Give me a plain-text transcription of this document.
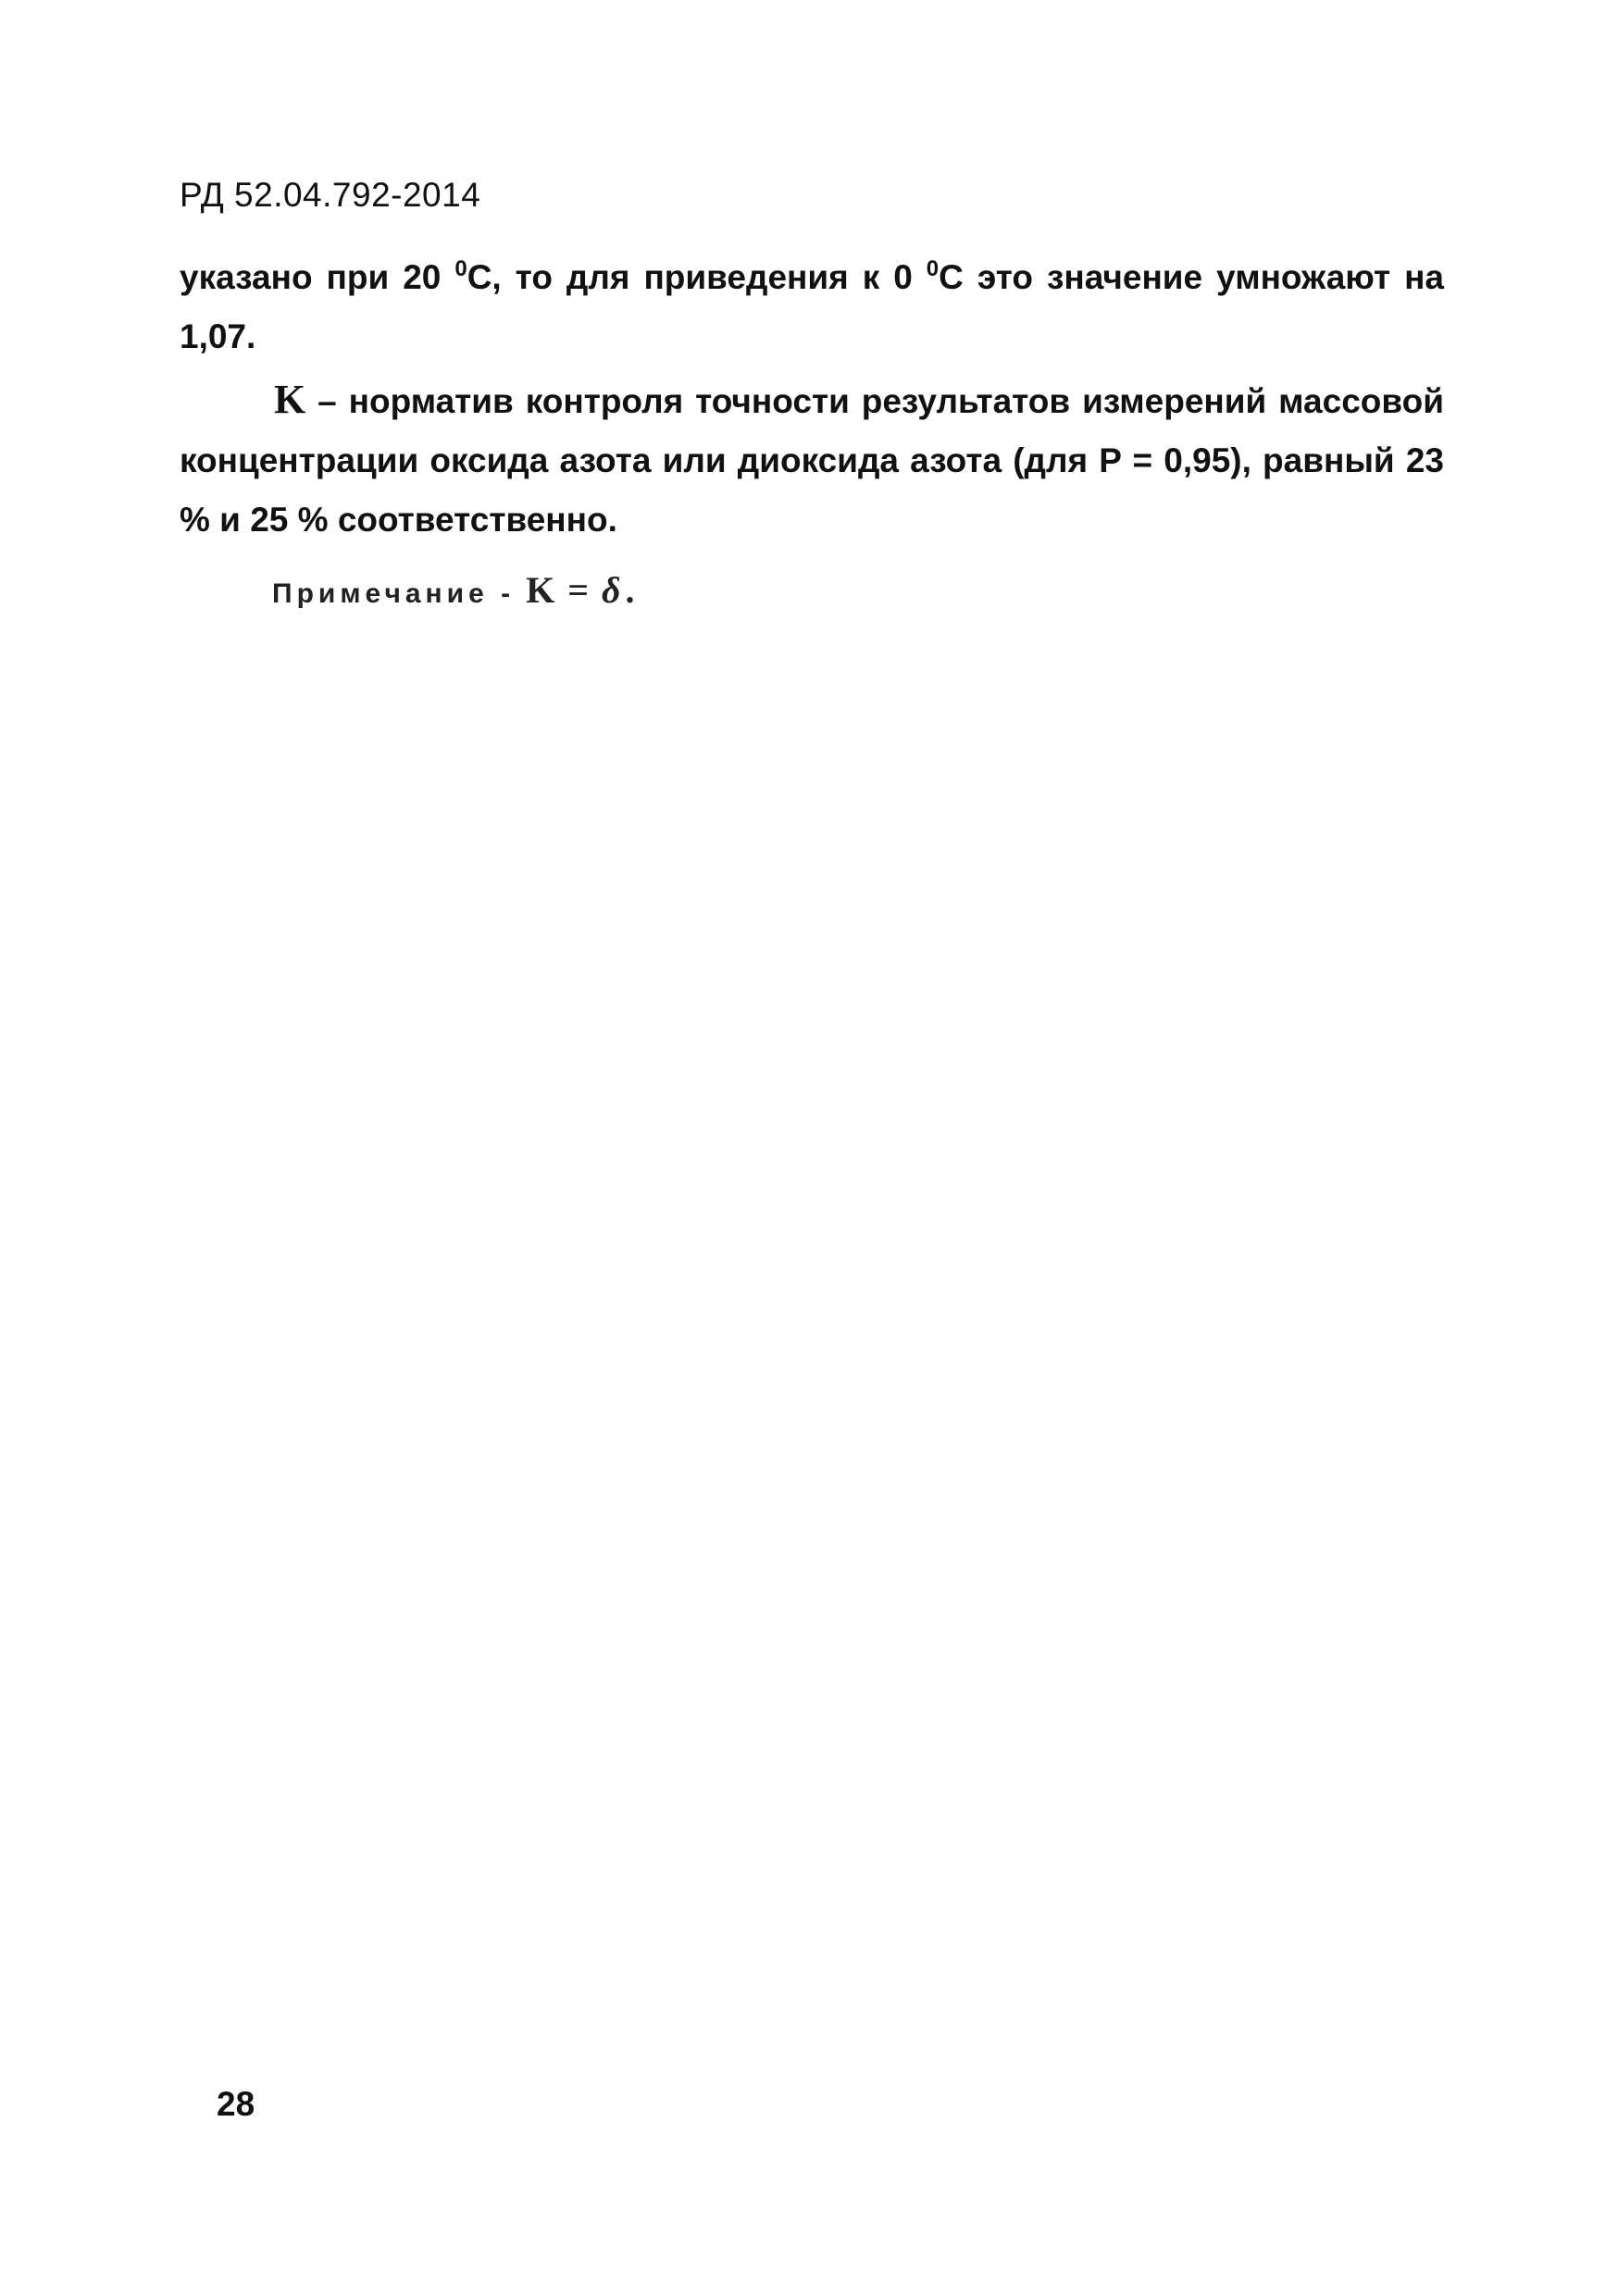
РД 52.04.792-2014
указано при 20 $^0$С, то для приведения к 0 $^0$С это значение умножают на 1,07.
K – норматив контроля точности результатов измерений массовой концентрации оксида азота или диоксида азота (для P = 0,95), равный 23 % и 25 % соответственно.
Примечание - K = δ.
28
